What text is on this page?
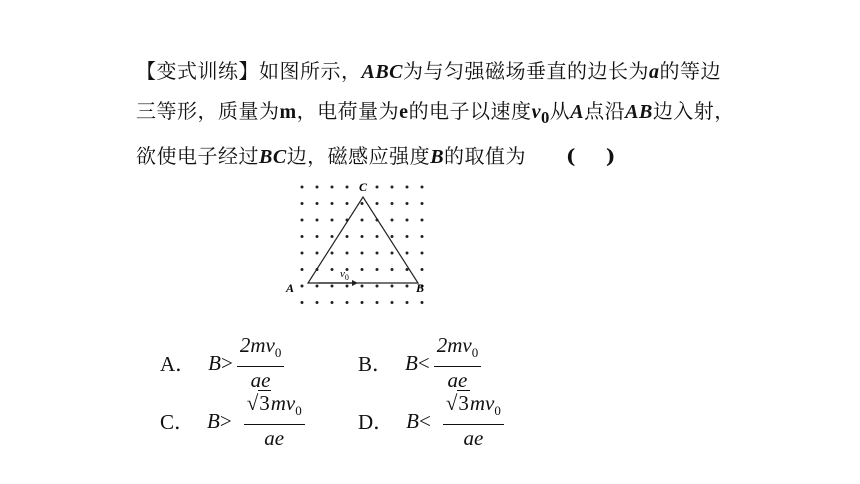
【变式训练】如图所示，ABC为与匀强磁场垂直的边长为a的等边三等形，质量为m，电荷量为e的电子以速度$v_0$从A点沿AB边入射，欲使电子经过BC边，磁感应强度B的取值为 (    )
C
A	B
$v_0$
A． $B > \frac{2mv_0}{ae}$	B． $B < \frac{2mv_0}{ae}$
C． $B > \frac{√3mv_0}{ae}$	D． $B < \frac{√3mv_0}{ae}$
